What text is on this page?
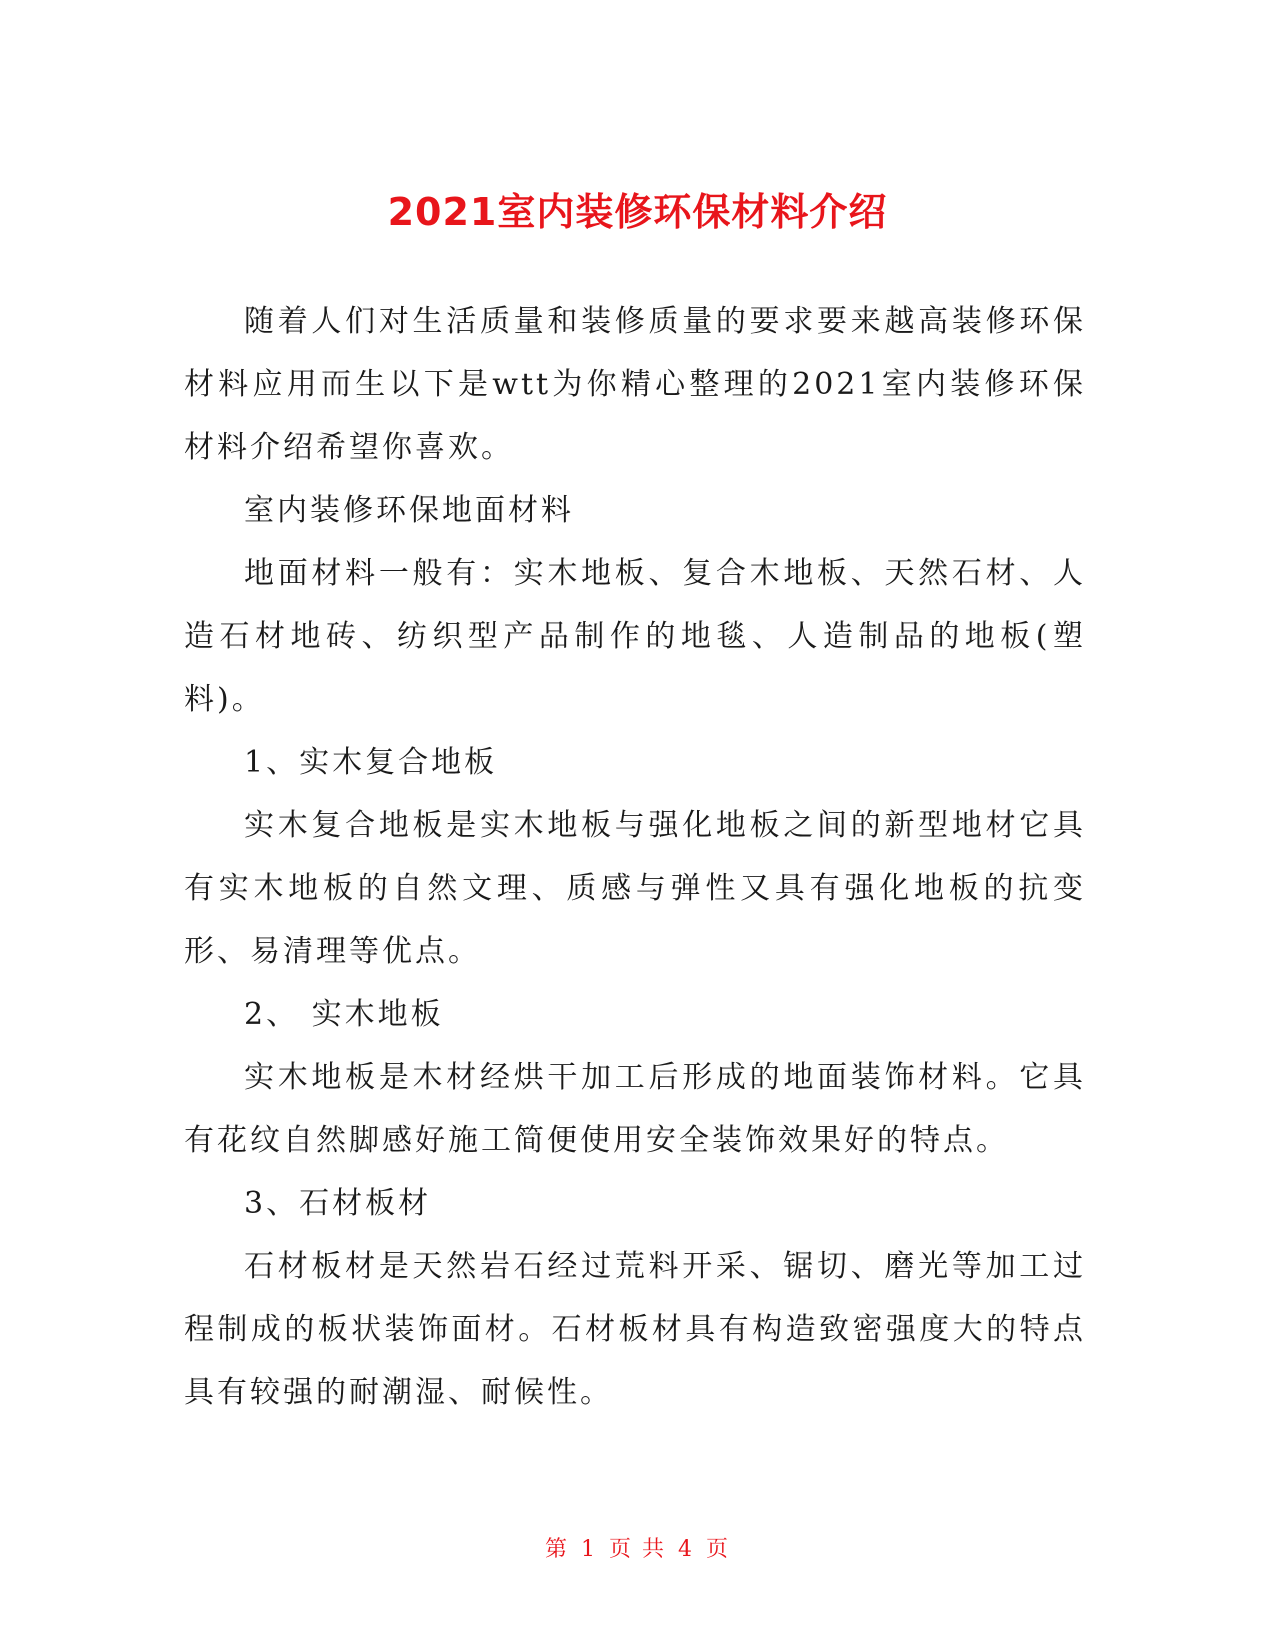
2021室内装修环保材料介绍

随着人们对生活质量和装修质量的要求要来越高装修环保材料应用而生以下是wtt为你精心整理的2021室内装修环保材料介绍希望你喜欢。

室内装修环保地面材料

地面材料一般有：实木地板、复合木地板、天然石材、人造石材地砖、纺织型产品制作的地毯、人造制品的地板(塑料)。

1、实木复合地板

实木复合地板是实木地板与强化地板之间的新型地材它具有实木地板的自然文理、质感与弹性又具有强化地板的抗变形、易清理等优点。

2、 实木地板

实木地板是木材经烘干加工后形成的地面装饰材料。它具有花纹自然脚感好施工简便使用安全装饰效果好的特点。

3、石材板材

石材板材是天然岩石经过荒料开采、锯切、磨光等加工过程制成的板状装饰面材。石材板材具有构造致密强度大的特点具有较强的耐潮湿、耐候性。

第 1 页 共 4 页
